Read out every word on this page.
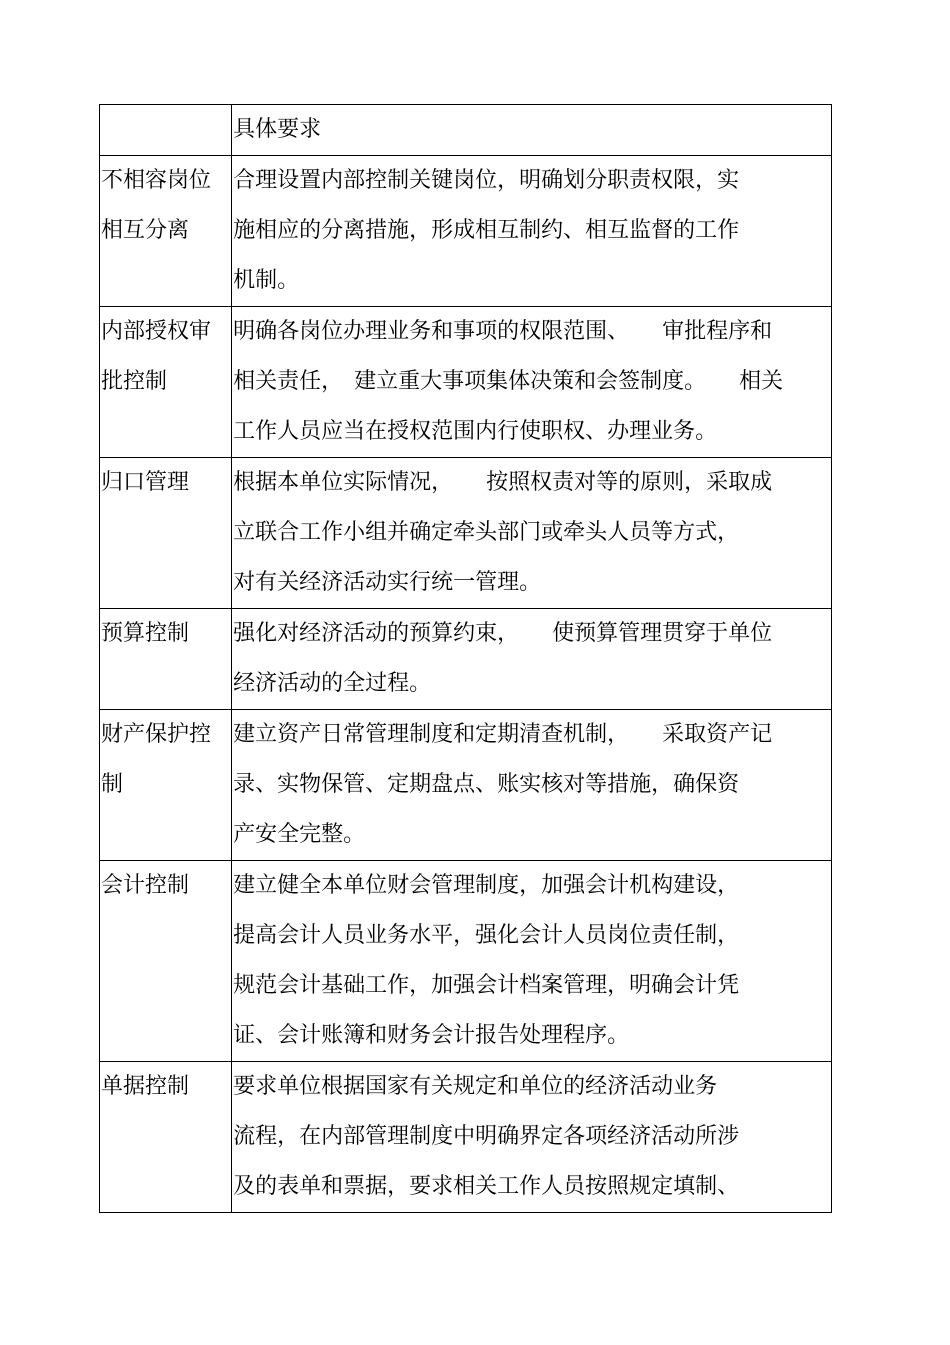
	具体要求

不相容岗位
相互分离	合理设置内部控制关键岗位，明确划分职责权限，实
施相应的分离措施，形成相互制约、相互监督的工作
机制。

内部授权审
批控制	明确各岗位办理业务和事项的权限范围、　　审批程序和
相关责任，　建立重大事项集体决策和会签制度。　　相关
工作人员应当在授权范围内行使职权、办理业务。

归口管理	根据本单位实际情况，　　按照权责对等的原则，采取成
立联合工作小组并确定牵头部门或牵头人员等方式，
对有关经济活动实行统一管理。

预算控制	强化对经济活动的预算约束，　　使预算管理贯穿于单位
经济活动的全过程。

财产保护控
制	建立资产日常管理制度和定期清查机制，　　采取资产记
录、实物保管、定期盘点、账实核对等措施，确保资
产安全完整。

会计控制	建立健全本单位财会管理制度，加强会计机构建设，
提高会计人员业务水平，强化会计人员岗位责任制，
规范会计基础工作，加强会计档案管理，明确会计凭
证、会计账簿和财务会计报告处理程序。

单据控制	要求单位根据国家有关规定和单位的经济活动业务
流程，在内部管理制度中明确界定各项经济活动所涉
及的表单和票据，要求相关工作人员按照规定填制、
